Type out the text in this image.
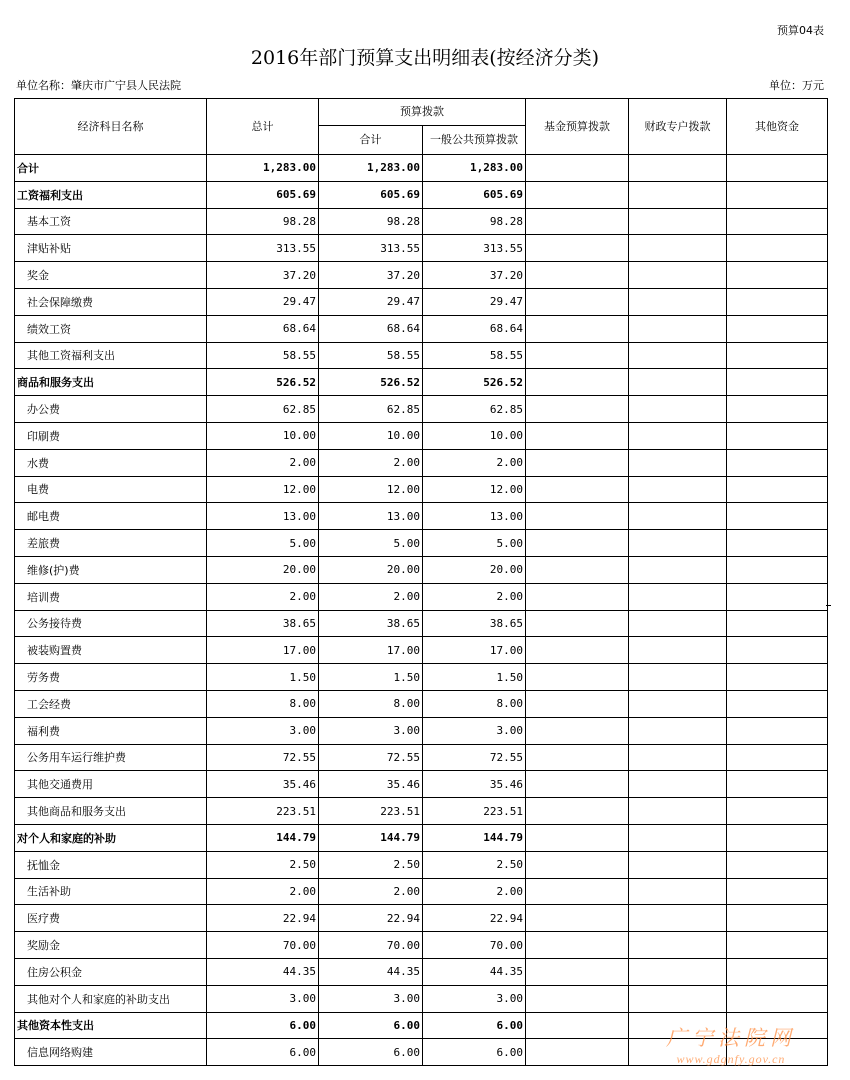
预算04表
2016年部门预算支出明细表(按经济分类)
单位名称：肇庆市广宁县人民法院	单位：万元
经济科目名称	总计	预算拨款		基金预算拨款	财政专户拨款	其他资金
		合计	一般公共预算拨款			
合计	1,283.00	1,283.00	1,283.00			
工资福利支出	605.69	605.69	605.69			
基本工资	98.28	98.28	98.28			
津贴补贴	313.55	313.55	313.55			
奖金	37.20	37.20	37.20			
社会保障缴费	29.47	29.47	29.47			
绩效工资	68.64	68.64	68.64			
其他工资福利支出	58.55	58.55	58.55			
商品和服务支出	526.52	526.52	526.52			
办公费	62.85	62.85	62.85			
印刷费	10.00	10.00	10.00			
水费	2.00	2.00	2.00			
电费	12.00	12.00	12.00			
邮电费	13.00	13.00	13.00			
差旅费	5.00	5.00	5.00			
维修(护)费	20.00	20.00	20.00			
培训费	2.00	2.00	2.00			
公务接待费	38.65	38.65	38.65			
被装购置费	17.00	17.00	17.00			
劳务费	1.50	1.50	1.50			
工会经费	8.00	8.00	8.00			
福利费	3.00	3.00	3.00			
公务用车运行维护费	72.55	72.55	72.55			
其他交通费用	35.46	35.46	35.46			
其他商品和服务支出	223.51	223.51	223.51			
对个人和家庭的补助	144.79	144.79	144.79			
抚恤金	2.50	2.50	2.50			
生活补助	2.00	2.00	2.00			
医疗费	22.94	22.94	22.94			
奖励金	70.00	70.00	70.00			
住房公积金	44.35	44.35	44.35			
其他对个人和家庭的补助支出	3.00	3.00	3.00			
其他资本性支出	6.00	6.00	6.00			
信息网络购建	6.00	6.00	6.00			
广宁法院网
www.gdgnfy.gov.cn
